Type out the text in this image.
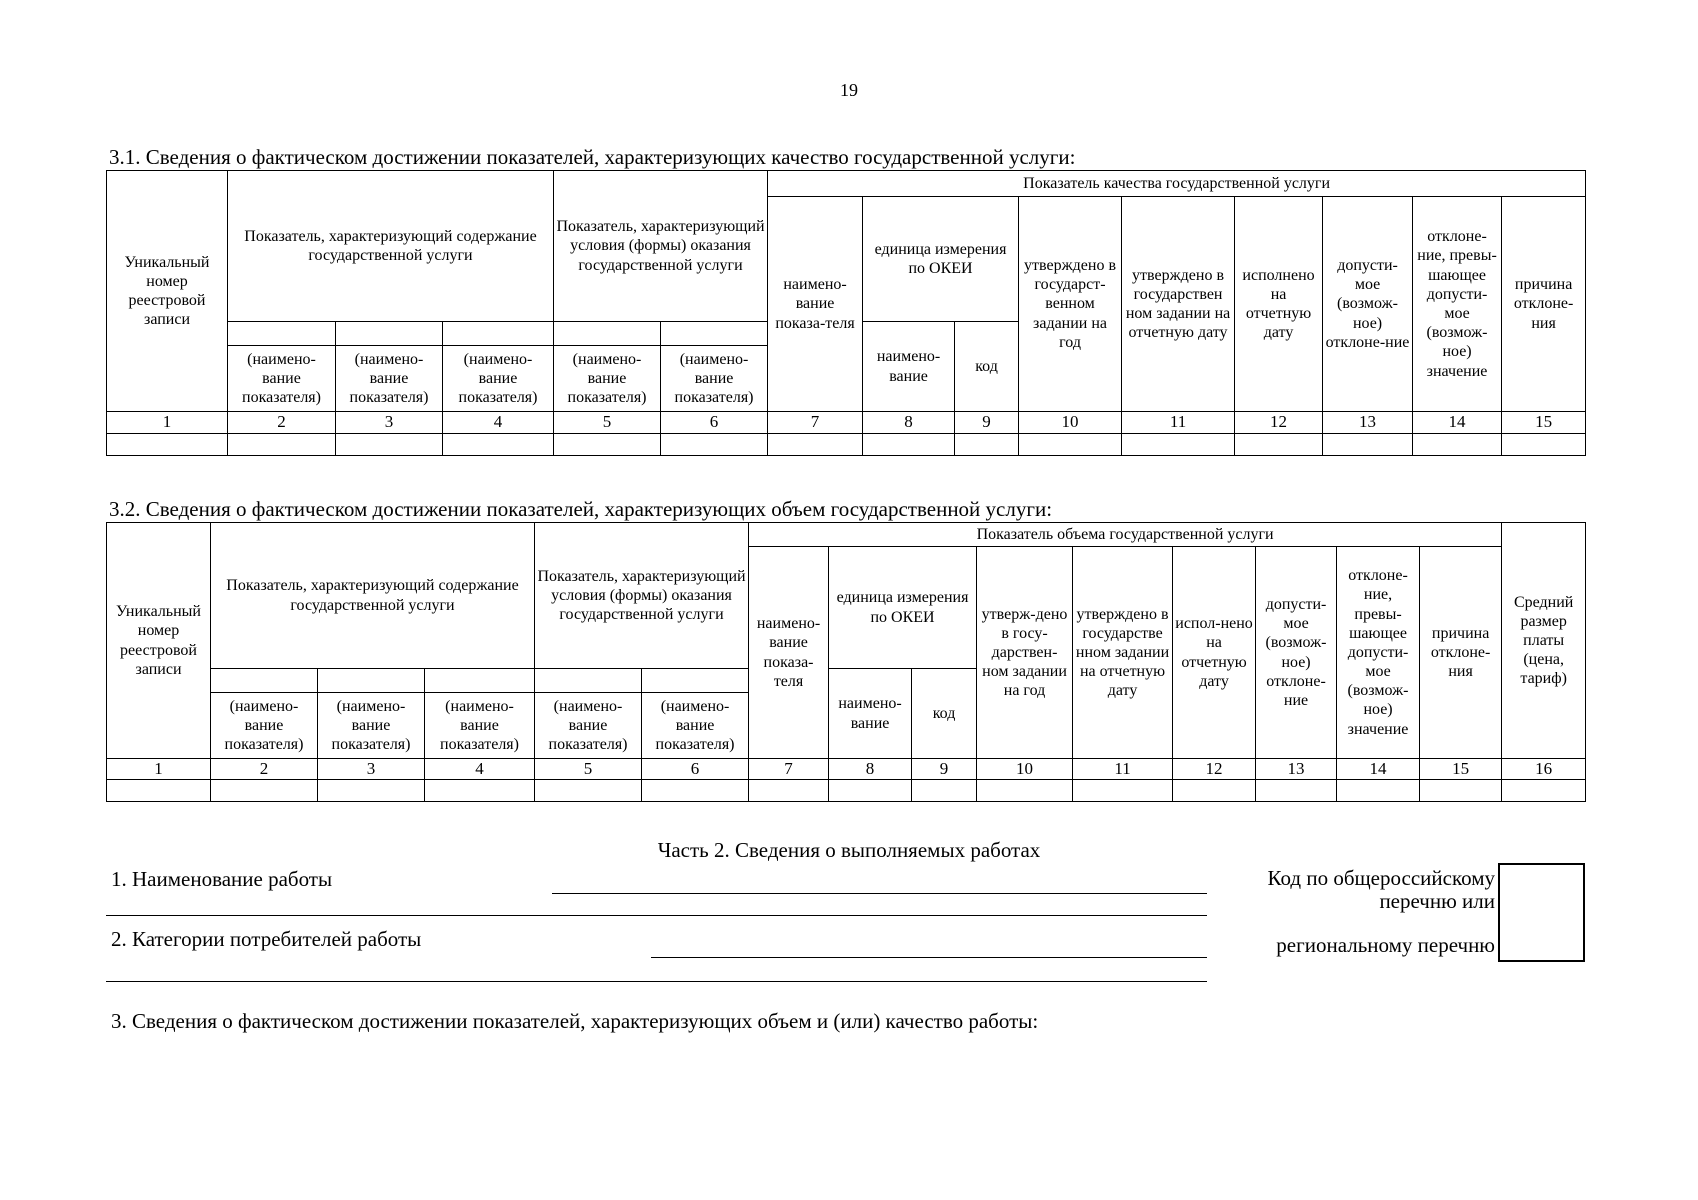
19
3.1. Сведения о фактическом достижении показателей, характеризующих качество государственной услуги:
Уникальный номер реестровой записи	Показатель, характеризующий содержание государственной услуги			Показатель, характеризующий условия (формы) оказания государственной услуги		Показатель качества государственной услуги								
						наимено-вание показа-теля	единица измерения по ОКЕИ		утверждено в государст-венном задании на год	утверждено в государствен ном задании на отчетную дату	исполнено на отчетную дату	допусти-мое (возмож-ное) отклоне-ние	отклоне-ние, превы-шающее допусти-мое (возмож-ное) значение	причина отклоне-ния
							наимено-вание	код						
	(наимено-вание показателя)	(наимено-вание показателя)	(наимено-вание показателя)	(наимено-вание показателя)	(наимено-вание показателя)									
1	2	3	4	5	6	7	8	9	10	11	12	13	14	15

3.2. Сведения о фактическом достижении показателей, характеризующих объем государственной услуги:
Уникальный номер реестровой записи	Показатель, характеризующий содержание государственной услуги			Показатель, характеризующий условия (формы) оказания государственной услуги		Показатель объема государственной услуги									Средний размер платы (цена, тариф)
						наимено-вание показа-теля	единица измерения по ОКЕИ		утверж-дено в госу-дарствен-ном задании на год	утверждено в государстве нном задании на отчетную дату	испол-нено на отчетную дату	допусти-мое (возмож-ное) отклоне-ние	отклоне-ние, превы-шающее допусти-мое (возмож-ное) значение	причина отклоне-ния	
							наимено-вание	код							
	(наимено-вание показателя)	(наимено-вание показателя)	(наимено-вание показателя)	(наимено-вание показателя)	(наимено-вание показателя)										
1	2	3	4	5	6	7	8	9	10	11	12	13	14	15	16

Часть 2. Сведения о выполняемых работах
1. Наименование работы
2. Категории потребителей работы
Код по общероссийскому
перечню или
региональному перечню
3. Сведения о фактическом достижении показателей, характеризующих объем и (или) качество работы:
